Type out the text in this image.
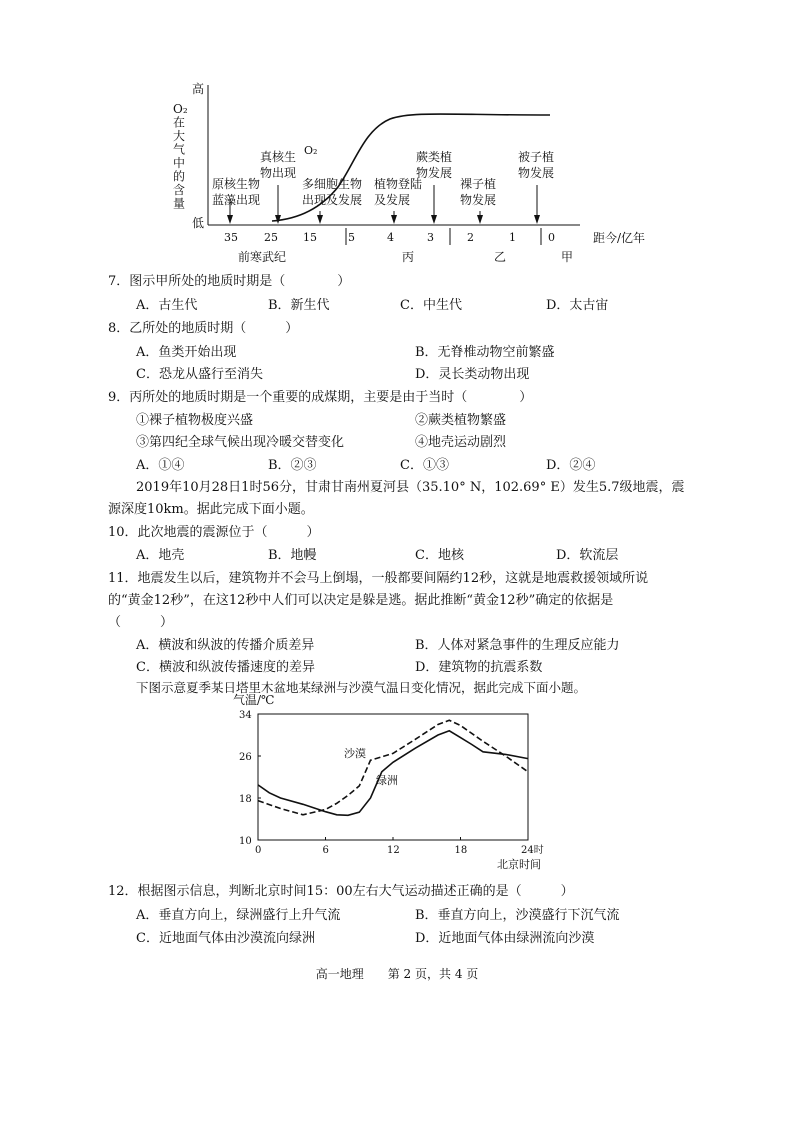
O₂
在
大
气
中
的
含
量
高
低
O₂
原核生物
蓝藻出现
真核生
物出现
多细胞生物
出现及发展
植物登陆
及发展
蕨类植
物发展
裸子植
物发展
被子植
物发展
35 25 15	5	4	3	2	1	0	距今/亿年
前寒武纪	丙	乙	甲
7．图示甲所处的地质时期是（　　　　）
A．古生代	B．新生代	C．中生代	D．太古宙
8．乙所处的地质时期（　　　）
A．鱼类开始出现	B．无脊椎动物空前繁盛
C．恐龙从盛行至消失	D．灵长类动物出现
9．丙所处的地质时期是一个重要的成煤期，主要是由于当时（　　　　）
①裸子植物极度兴盛	②蕨类植物繁盛
③第四纪全球气候出现冷暖交替变化	④地壳运动剧烈
A．①④	B．②③	C．①③	D．②④
2019年10月28日1时56分，甘肃甘南州夏河县（35.10° N，102.69° E）发生5.7级地震，震
源深度10km。据此完成下面小题。
10．此次地震的震源位于（　　　）
A．地壳	B．地幔	C．地核	D．软流层
11．地震发生以后，建筑物并不会马上倒塌，一般都要间隔约12秒，这就是地震救援领域所说
的“黄金12秒”，在这12秒中人们可以决定是躲是逃。据此推断“黄金12秒”确定的依据是
（　　　）
A．横波和纵波的传播介质差异	B．人体对紧急事件的生理反应能力
C．横波和纵波传播速度的差异	D．建筑物的抗震系数
下图示意夏季某日塔里木盆地某绿洲与沙漠气温日变化情况，据此完成下面小题。
气温/℃
0	6	12	18
34
26
18
10
24时
北京时间
沙漠
绿洲
12．根据图示信息，判断北京时间15：00左右大气运动描述正确的是（　　　）
A．垂直方向上，绿洲盛行上升气流	B．垂直方向上，沙漠盛行下沉气流
C．近地面气体由沙漠流向绿洲	D．近地面气体由绿洲流向沙漠
高一地理　　第 2 页，共 4 页
